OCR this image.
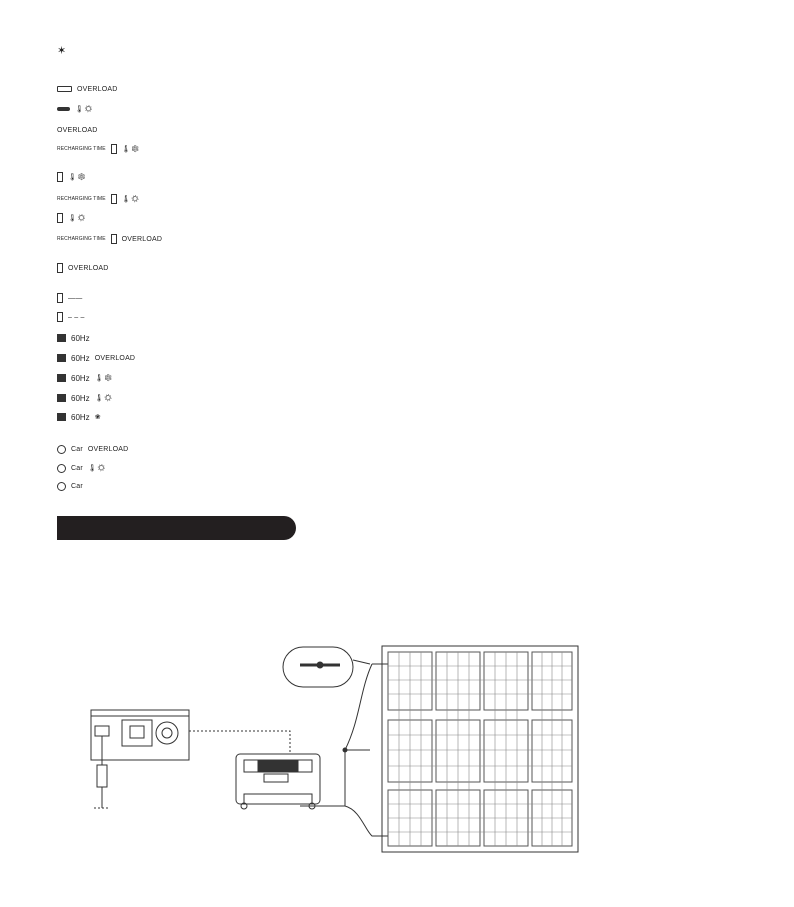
✶
OVERLOAD
🌡☀
OVERLOAD
RECHARGING TIME 🌡❄
🌡❄
RECHARGING TIME 🌡☀
🌡☀
RECHARGING TIME OVERLOAD
OVERLOAD
——
– – –
60Hz
60Hz OVERLOAD
60Hz 🌡❄
60Hz 🌡☀
60Hz ❀
Car OVERLOAD
Car 🌡☀
Car
